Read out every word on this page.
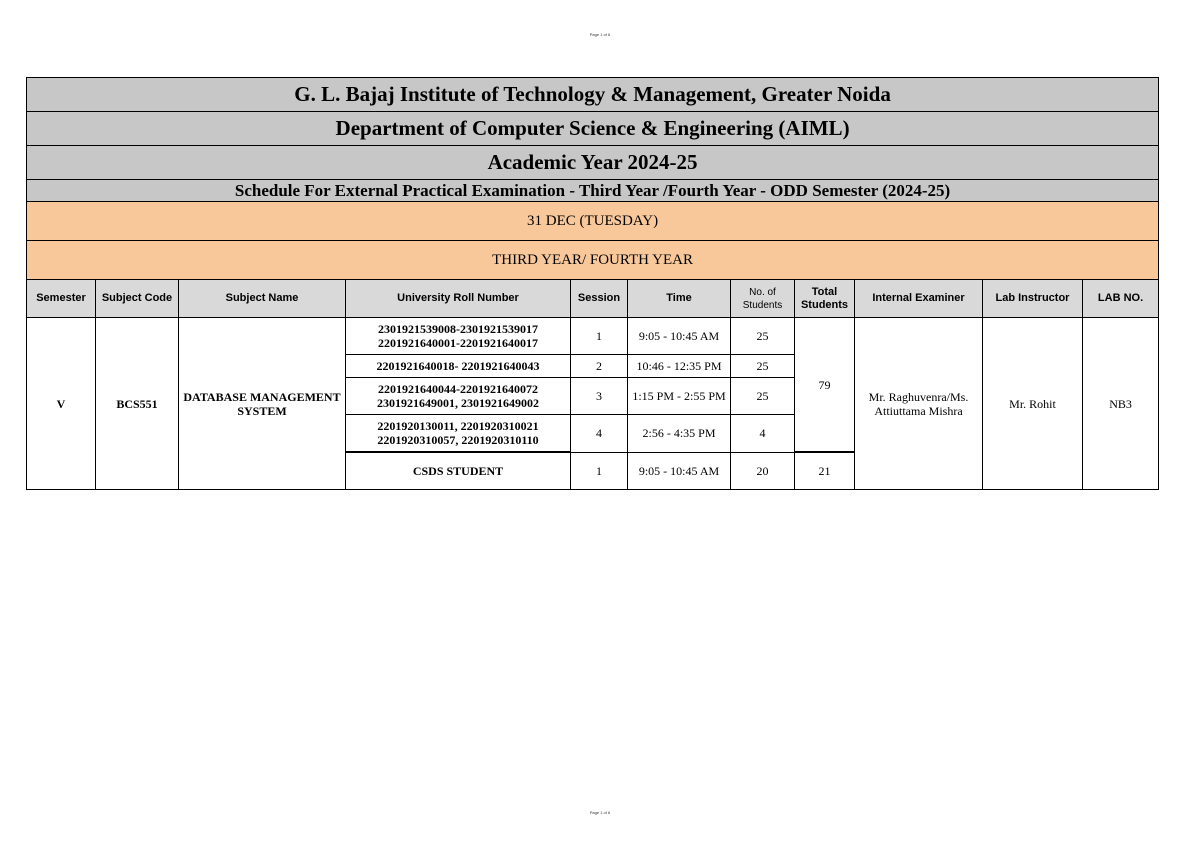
Page 1 of 6
G. L. Bajaj Institute of Technology & Management, Greater Noida										
Department of Computer Science & Engineering (AIML)										
Academic Year 2024-25										
Schedule For External Practical Examination - Third Year /Fourth Year - ODD Semester (2024-25)										
31 DEC (TUESDAY)										
THIRD YEAR/ FOURTH YEAR										
Semester	Subject Code	Subject Name	University Roll Number	Session	Time	No. of Students	Total Students	Internal Examiner	Lab Instructor	LAB NO.
V	BCS551	DATABASE MANAGEMENT SYSTEM	2301921539008-2301921539017
2201921640001-2201921640017	1	9:05 - 10:45 AM	25	79	Mr. Raghuvenra/Ms. Attiuttama Mishra	Mr. Rohit	NB3

			2201921640018- 2201921640043	2	10:46 - 12:35 PM	25				

			2201921640044-2201921640072
2301921649001, 2301921649002	3	1:15 PM - 2:55 PM	25				

			2201920130011, 2201920310021
2201920310057, 2201920310110	4	2:56 - 4:35 PM	4				

			CSDS STUDENT	1	9:05 - 10:45 AM	20	21			
Page 1 of 6
